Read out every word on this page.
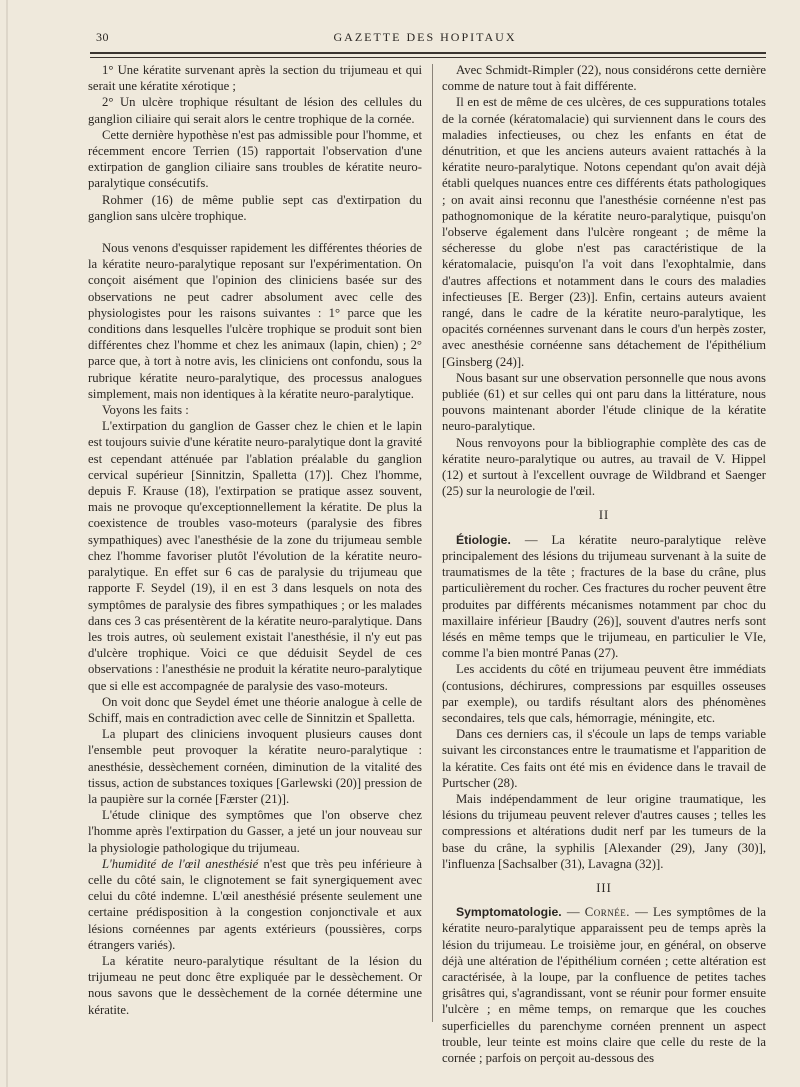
30	GAZETTE DES HOPITAUX

1° Une kératite survenant après la section du trijumeau et qui serait une kératite xérotique ;

2° Un ulcère trophique résultant de lésion des cellules du ganglion ciliaire qui serait alors le centre trophique de la cornée.

Cette dernière hypothèse n'est pas admissible pour l'homme, et récemment encore Terrien (15) rapportait l'observation d'une extirpation de ganglion ciliaire sans troubles de kératite neuro-paralytique consécutifs.

Rohmer (16) de même publie sept cas d'extirpation du ganglion sans ulcère trophique.

Nous venons d'esquisser rapidement les différentes théories de la kératite neuro-paralytique reposant sur l'expérimentation. On conçoit aisément que l'opinion des cliniciens basée sur des observations ne peut cadrer absolument avec celle des physiologistes pour les raisons suivantes : 1° parce que les conditions dans lesquelles l'ulcère trophique se produit sont bien différentes chez l'homme et chez les animaux (lapin, chien) ; 2° parce que, à tort à notre avis, les cliniciens ont confondu, sous la rubrique kératite neuro-paralytique, des processus analogues simplement, mais non identiques à la kératite neuro-paralytique.

Voyons les faits :

L'extirpation du ganglion de Gasser chez le chien et le lapin est toujours suivie d'une kératite neuro-paralytique dont la gravité est cependant atténuée par l'ablation préalable du ganglion cervical supérieur [Sinnitzin, Spalletta (17)]. Chez l'homme, depuis F. Krause (18), l'extirpation se pratique assez souvent, mais ne provoque qu'exceptionnellement la kératite. De plus la coexistence de troubles vaso-moteurs (paralysie des fibres sympathiques) avec l'anesthésie de la zone du trijumeau semble chez l'homme favoriser plutôt l'évolution de la kératite neuro-paralytique. En effet sur 6 cas de paralysie du trijumeau que rapporte F. Seydel (19), il en est 3 dans lesquels on nota des symptômes de paralysie des fibres sympathiques ; or les malades dans ces 3 cas présentèrent de la kératite neuro-paralytique. Dans les trois autres, où seulement existait l'anesthésie, il n'y eut pas d'ulcère trophique. Voici ce que déduisit Seydel de ces observations : l'anesthésie ne produit la kératite neuro-paralytique que si elle est accompagnée de paralysie des vaso-moteurs.

On voit donc que Seydel émet une théorie analogue à celle de Schiff, mais en contradiction avec celle de Sinnitzin et Spalletta.

La plupart des cliniciens invoquent plusieurs causes dont l'ensemble peut provoquer la kératite neuro-paralytique : anesthésie, dessèchement cornéen, diminution de la vitalité des tissus, action de substances toxiques [Garlewski (20)] pression de la paupière sur la cornée [Færster (21)].

L'étude clinique des symptômes que l'on observe chez l'homme après l'extirpation du Gasser, a jeté un jour nouveau sur la physiologie pathologique du trijumeau.

L'humidité de l'œil anesthésié n'est que très peu inférieure à celle du côté sain, le clignotement se fait synergiquement avec celui du côté indemne. L'œil anesthésié présente seulement une certaine prédisposition à la congestion conjonctivale et aux lésions cornéennes par agents extérieurs (poussières, corps étrangers variés).

La kératite neuro-paralytique résultant de la lésion du trijumeau ne peut donc être expliquée par le dessèchement. Or nous savons que le dessèchement de la cornée détermine une kératite.

Avec Schmidt-Rimpler (22), nous considérons cette dernière comme de nature tout à fait différente.

Il en est de même de ces ulcères, de ces suppurations totales de la cornée (kératomalacie) qui surviennent dans le cours des maladies infectieuses, ou chez les enfants en état de dénutrition, et que les anciens auteurs avaient rattachés à la kératite neuro-paralytique. Notons cependant qu'on avait déjà établi quelques nuances entre ces différents états pathologiques ; on avait ainsi reconnu que l'anesthésie cornéenne n'est pas pathognomonique de la kératite neuro-paralytique, puisqu'on l'observe également dans l'ulcère rongeant ; de même la sécheresse du globe n'est pas caractéristique de la kératomalacie, puisqu'on l'a voit dans l'exophtalmie, dans d'autres affections et notamment dans le cours des maladies infectieuses [E. Berger (23)]. Enfin, certains auteurs avaient rangé, dans le cadre de la kératite neuro-paralytique, les opacités cornéennes survenant dans le cours d'un herpès zoster, avec anesthésie cornéenne sans détachement de l'épithélium [Ginsberg (24)].

Nous basant sur une observation personnelle que nous avons publiée (61) et sur celles qui ont paru dans la littérature, nous pouvons maintenant aborder l'étude clinique de la kératite neuro-paralytique.

Nous renvoyons pour la bibliographie complète des cas de kératite neuro-paralytique ou autres, au travail de V. Hippel (12) et surtout à l'excellent ouvrage de Wildbrand et Saenger (25) sur la neurologie de l'œil.

II

Étiologie. — La kératite neuro-paralytique relève principalement des lésions du trijumeau survenant à la suite de traumatismes de la tête ; fractures de la base du crâne, plus particulièrement du rocher. Ces fractures du rocher peuvent être produites par différents mécanismes notamment par choc du maxillaire inférieur [Baudry (26)], souvent d'autres nerfs sont lésés en même temps que le trijumeau, en particulier le VIe, comme l'a bien montré Panas (27).

Les accidents du côté en trijumeau peuvent être immédiats (contusions, déchirures, compressions par esquilles osseuses par exemple), ou tardifs résultant alors des phénomènes secondaires, tels que cals, hémorragie, méningite, etc.

Dans ces derniers cas, il s'écoule un laps de temps variable suivant les circonstances entre le traumatisme et l'apparition de la kératite. Ces faits ont été mis en évidence dans le travail de Purtscher (28).

Mais indépendamment de leur origine traumatique, les lésions du trijumeau peuvent relever d'autres causes ; telles les compressions et altérations dudit nerf par les tumeurs de la base du crâne, la syphilis [Alexander (29), Jany (30)], l'influenza [Sachsalber (31), Lavagna (32)].

III

Symptomatologie. — Cornée. — Les symptômes de la kératite neuro-paralytique apparaissent peu de temps après la lésion du trijumeau. Le troisième jour, en général, on observe déjà une altération de l'épithélium cornéen ; cette altération est caractérisée, à la loupe, par la confluence de petites taches grisâtres qui, s'agrandissant, vont se réunir pour former ensuite l'ulcère ; en même temps, on remarque que les couches superficielles du parenchyme cornéen prennent un aspect trouble, leur teinte est moins claire que celle du reste de la cornée ; parfois on perçoit au-dessous des
